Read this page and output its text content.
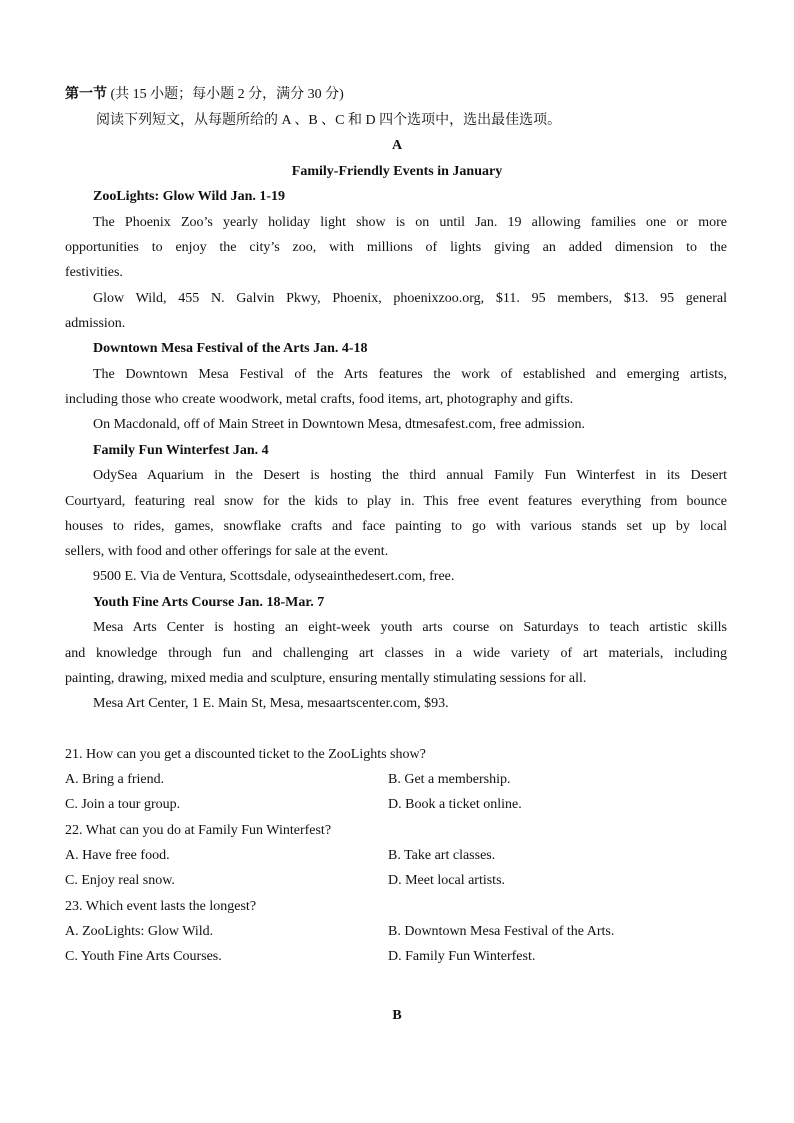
第一节 (共 15 小题；每小题 2 分，满分 30 分)
阅读下列短文，从每题所给的 A 、B 、C 和 D 四个选项中，选出最佳选项。
A
Family-Friendly Events in January
ZooLights: Glow Wild Jan. 1-19
The Phoenix Zoo’s yearly holiday light show is on until Jan. 19 allowing families one or more
opportunities to enjoy the city’s zoo, with millions of lights giving an added dimension to the
festivities.
Glow Wild, 455 N. Galvin Pkwy, Phoenix, phoenixzoo.org, $11. 95 members, $13. 95 general
admission.
Downtown Mesa Festival of the Arts Jan. 4-18
The Downtown Mesa Festival of the Arts features the work of established and emerging artists,
including those who create woodwork, metal crafts, food items, art, photography and gifts.
On Macdonald, off of Main Street in Downtown Mesa, dtmesafest.com, free admission.
Family Fun Winterfest Jan. 4
OdySea Aquarium in the Desert is hosting the third annual Family Fun Winterfest in its Desert
Courtyard, featuring real snow for the kids to play in. This free event features everything from bounce
houses to rides, games, snowflake crafts and face painting to go with various stands set up by local
sellers, with food and other offerings for sale at the event.
9500 E. Via de Ventura, Scottsdale, odyseainthedesert.com, free.
Youth Fine Arts Course Jan. 18-Mar. 7
Mesa Arts Center is hosting an eight-week youth arts course on Saturdays to teach artistic skills
and knowledge through fun and challenging art classes in a wide variety of art materials, including
painting, drawing, mixed media and sculpture, ensuring mentally stimulating sessions for all.
Mesa Art Center, 1 E. Main St, Mesa, mesaartscenter.com, $93.
21. How can you get a discounted ticket to the ZooLights show?
A. Bring a friend.	B. Get a membership.
C. Join a tour group.	D. Book a ticket online.
22. What can you do at Family Fun Winterfest?
A. Have free food.	B. Take art classes.
C. Enjoy real snow.	D. Meet local artists.
23. Which event lasts the longest?
A. ZooLights: Glow Wild.	B. Downtown Mesa Festival of the Arts.
C. Youth Fine Arts Courses.	D. Family Fun Winterfest.
B
